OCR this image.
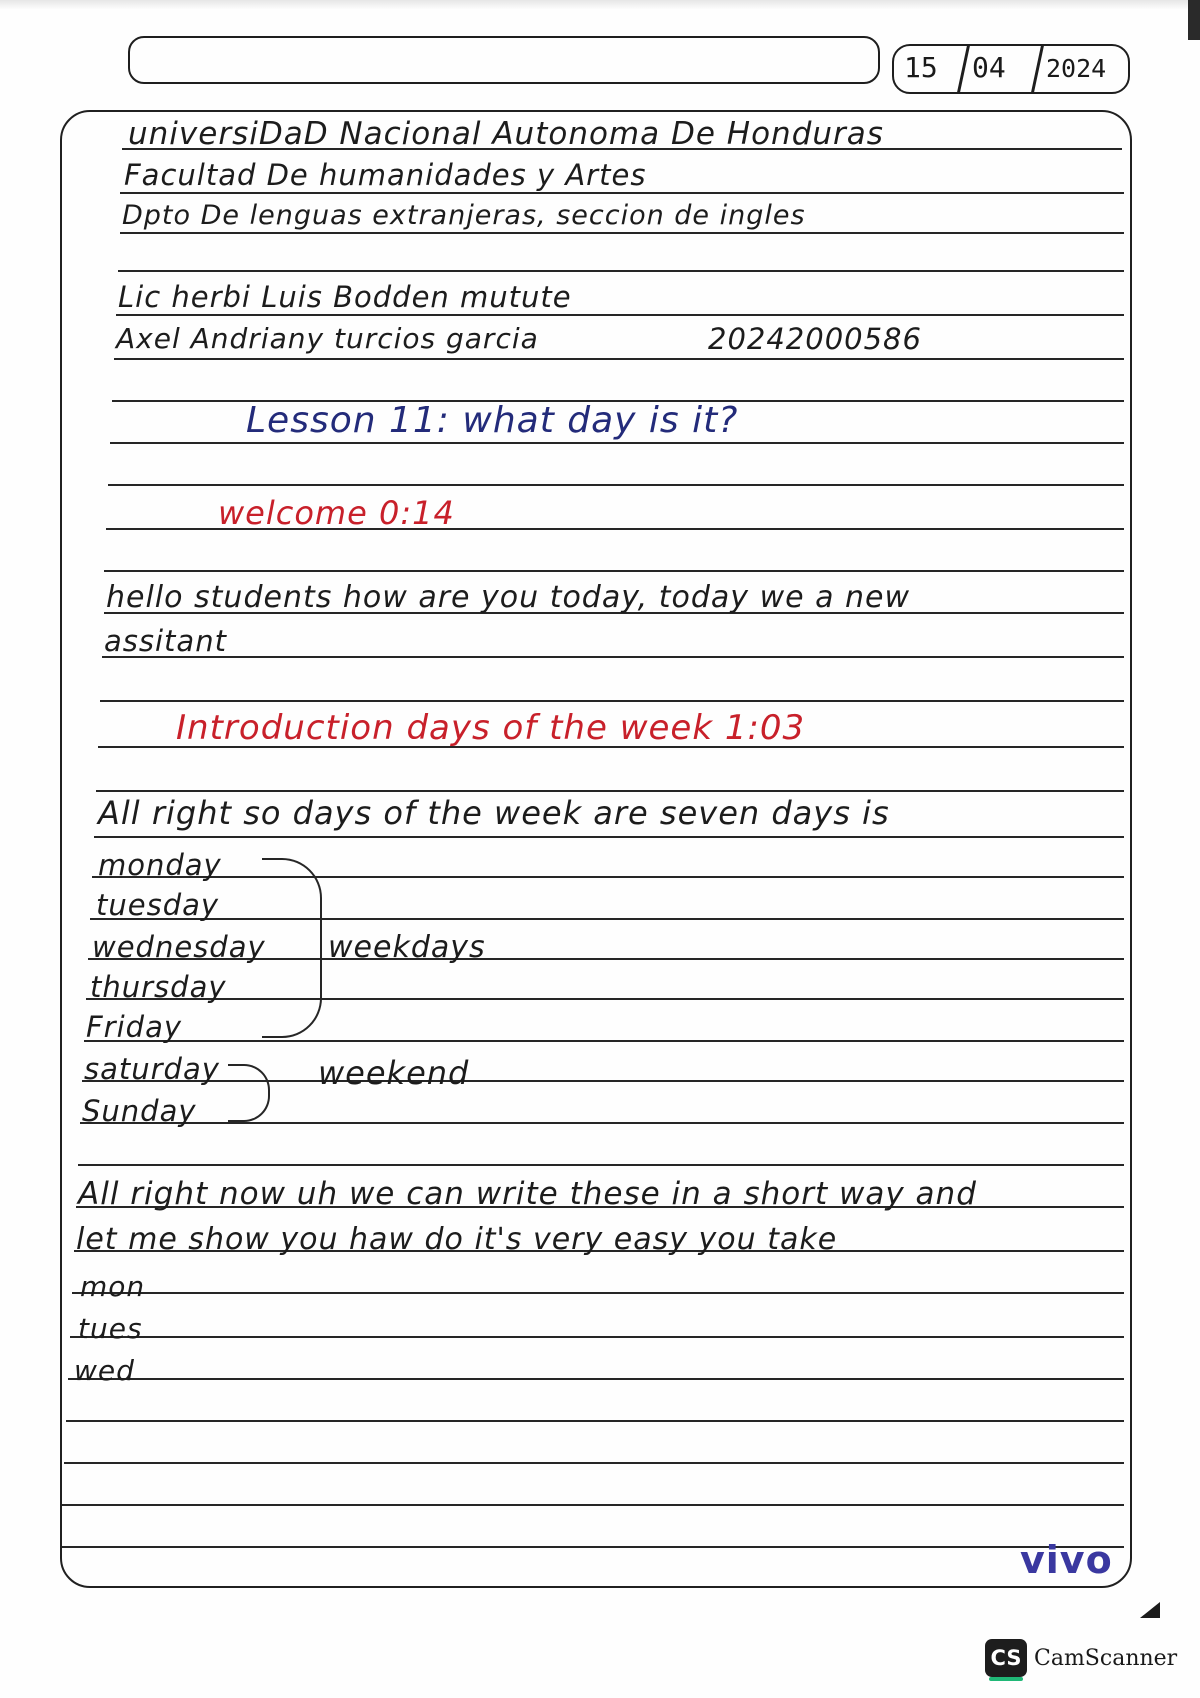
15 04 2024
universiDaD Nacional Autonoma De Honduras
Facultad De humanidades y Artes
Dpto De lenguas extranjeras, seccion de ingles
Lic herbi Luis Bodden mutute
Axel Andriany turcios garcia	20242000586
Lesson 11: what day is it?
welcome 0:14
hello students how are you today, today we a new
assitant
Introduction days of the week 1:03
All right so days of the week are seven days is
monday
tuesday
wednesday
thursday
Friday
saturday
Sunday
weekdays
weekend
All right now uh we can write these in a short way and
let me show you haw do it's very easy you take
mon
tues
wed
vivo
CS CamScanner
